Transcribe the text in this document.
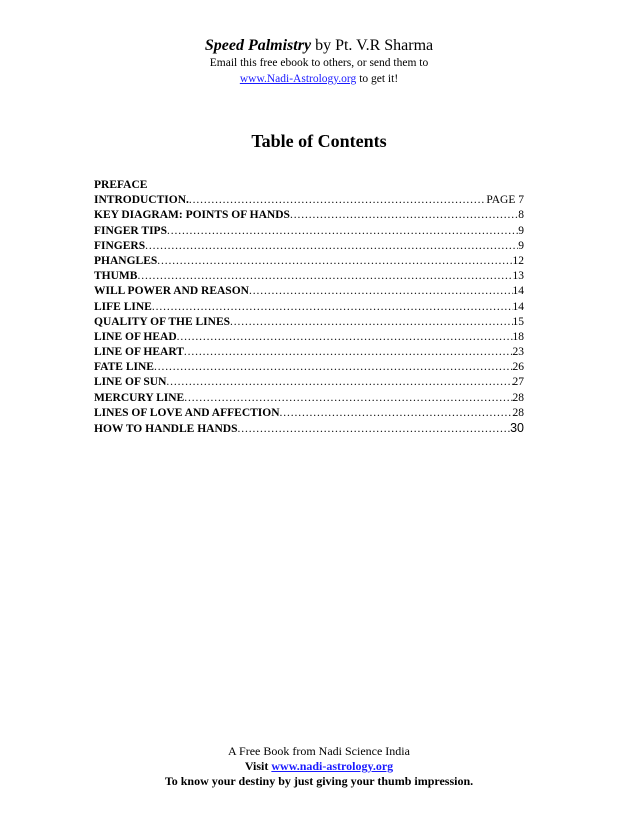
Speed Palmistry by Pt. V.R Sharma
Email this free ebook to others, or send them to
www.Nadi-Astrology.org to get it!
Table of Contents
PREFACE
INTRODUCTION. . . .	PAGE 7
KEY DIAGRAM: POINTS OF HANDS . . .	8
FINGER TIPS . . .	9
FINGERS . . .	9
PHANGLES . . .	12
THUMB . . .	13
WILL POWER AND REASON . . .	14
LIFE LINE . . .	14
QUALITY OF THE LINES . . .	15
LINE OF HEAD . . .	18
LINE OF HEART . . .	23
FATE LINE . . .	26
LINE OF SUN . . .	27
MERCURY LINE . . .	28
LINES OF LOVE AND AFFECTION . . .	28
HOW TO HANDLE HANDS . . .	30
A Free Book from Nadi Science India
Visit www.nadi-astrology.org
To know your destiny by just giving your thumb impression.
